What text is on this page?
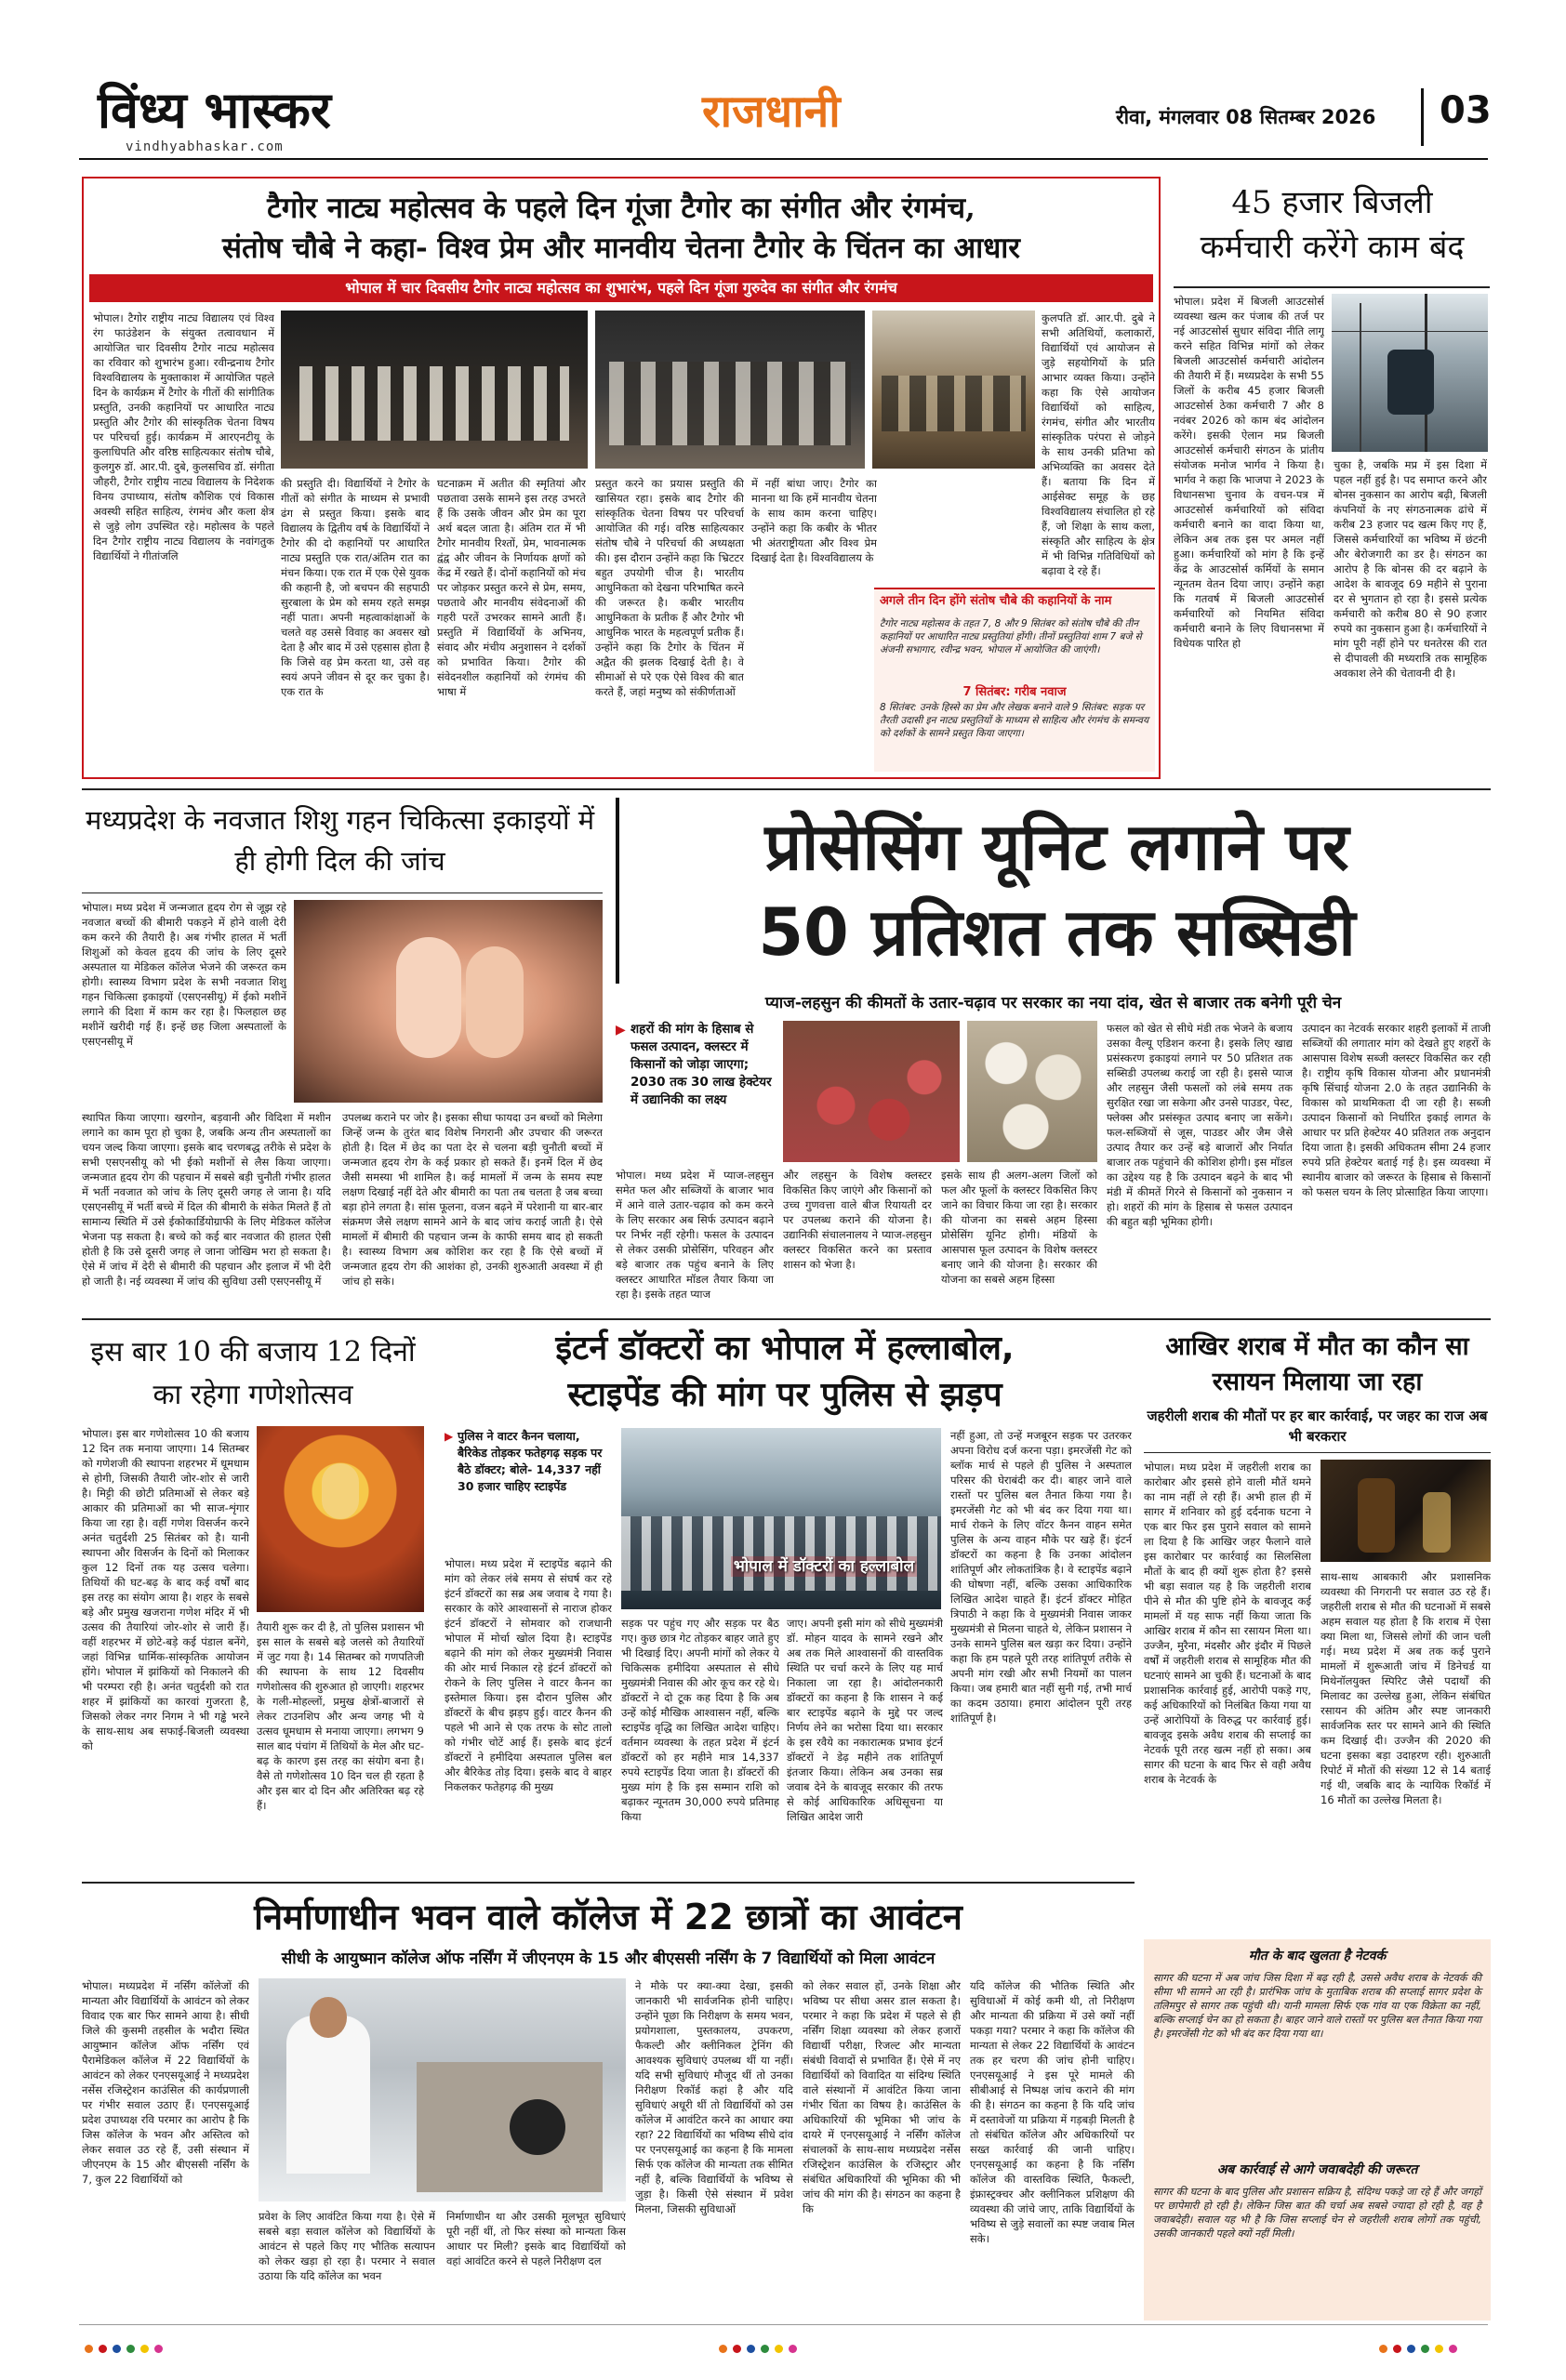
विंध्य भास्कर
vindhyabhaskar.com
राजधानी	रीवा, मंगलवार 08 सितम्बर 2026 03
टैगोर नाट्य महोत्सव के पहले दिन गूंजा टैगोर का संगीत और रंगमंच,
संतोष चौबे ने कहा- विश्व प्रेम और मानवीय चेतना टैगोर के चिंतन का आधार
भोपाल में चार दिवसीय टैगोर नाट्य महोत्सव का शुभारंभ, पहले दिन गूंजा गुरुदेव का संगीत और रंगमंच
भोपाल। टैगोर राष्ट्रीय नाट्य विद्यालय एवं विश्व रंग फाउंडेशन के संयुक्त तत्वावधान में आयोजित चार दिवसीय टैगोर नाट्य महोत्सव का रविवार को शुभारंभ हुआ। रवीन्द्रनाथ टैगोर विश्वविद्यालय के मुक्ताकाश में आयोजित पहले दिन के कार्यक्रम में टैगोर के गीतों की सांगीतिक प्रस्तुति, उनकी कहानियों पर आधारित नाट्य प्रस्तुति और टैगोर की सांस्कृतिक चेतना विषय पर परिचर्चा हुई। कार्यक्रम में आरएनटीयू के कुलाधिपति और वरिष्ठ साहित्यकार संतोष चौबे, कुलगुरु डॉ. आर.पी. दुबे, कुलसचिव डॉ. संगीता जौहरी, टैगोर राष्ट्रीय नाट्य विद्यालय के निदेशक विनय उपाध्याय, संतोष कौशिक एवं विकास अवस्थी सहित साहित्य, रंगमंच और कला क्षेत्र से जुड़े लोग उपस्थित रहे। महोत्सव के पहले दिन टैगोर राष्ट्रीय नाट्य विद्यालय के नवांगतुक विद्यार्थियों ने गीतांजलि
की प्रस्तुति दी। विद्यार्थियों ने टैगोर के गीतों को संगीत के माध्यम से प्रभावी ढंग से प्रस्तुत किया। इसके बाद विद्यालय के द्वितीय वर्ष के विद्यार्थियों ने टैगोर की दो कहानियों पर आधारित नाट्य प्रस्तुति एक रात/अंतिम रात का मंचन किया। एक रात में एक ऐसे युवक की कहानी है, जो बचपन की सहपाठी सुरबाला के प्रेम को समय रहते समझ नहीं पाता। अपनी महत्वाकांक्षाओं के चलते वह उससे विवाह का अवसर खो देता है और बाद में उसे एहसास होता है कि जिसे वह प्रेम करता था, उसे वह स्वयं अपने जीवन से दूर कर चुका है। एक रात के
घटनाक्रम में अतीत की स्मृतियां और पछतावा उसके सामने इस तरह उभरते हैं कि उसके जीवन और प्रेम का पूरा अर्थ बदल जाता है। अंतिम रात में भी टैगोर मानवीय रिश्तों, प्रेम, भावनात्मक द्वंद्व और जीवन के निर्णायक क्षणों को केंद्र में रखते हैं। दोनों कहानियों को मंच पर जोड़कर प्रस्तुत करने से प्रेम, समय, पछतावे और मानवीय संवेदनाओं की गहरी परतें उभरकर सामने आती हैं। प्रस्तुति में विद्यार्थियों के अभिनय, संवाद और मंचीय अनुशासन ने दर्शकों को प्रभावित किया। टैगोर की संवेदनशील कहानियों को रंगमंच की भाषा में
प्रस्तुत करने का प्रयास प्रस्तुति की खासियत रहा। इसके बाद टैगोर की सांस्कृतिक चेतना विषय पर परिचर्चा आयोजित की गई। वरिष्ठ साहित्यकार संतोष चौबे ने परिचर्चा की अध्यक्षता की। इस दौरान उन्होंने कहा कि भ्रिटटर बहुत उपयोगी चीज है। भारतीय आधुनिकता को देखना परिभाषित करने की जरूरत है। कबीर भारतीय आधुनिकता के प्रतीक हैं और टैगोर भी आधुनिक भारत के महत्वपूर्ण प्रतीक हैं। उन्होंने कहा कि टैगोर के चिंतन में अद्वैत की झलक दिखाई देती है। वे सीमाओं से परे एक ऐसे विश्व की बात करते हैं, जहां मनुष्य को संकीर्णताओं
में नहीं बांधा जाए। टैगोर का मानना था कि हमें मानवीय चेतना के साथ काम करना चाहिए। उन्होंने कहा कि कबीर के भीतर भी अंतराष्ट्रीयता और विश्व प्रेम दिखाई देता है। विश्वविद्यालय के
कुलपति डॉ. आर.पी. दुबे ने सभी अतिथियों, कलाकारों, विद्यार्थियों एवं आयोजन से जुड़े सहयोगियों के प्रति आभार व्यक्त किया। उन्होंने कहा कि ऐसे आयोजन विद्यार्थियों को साहित्य, रंगमंच, संगीत और भारतीय सांस्कृतिक परंपरा से जोड़ने के साथ उनकी प्रतिभा को अभिव्यक्ति का अवसर देते हैं। बताया कि दिन में आईसेक्ट समूह के छह विश्वविद्यालय संचालित हो रहे हैं, जो शिक्षा के साथ कला, संस्कृति और साहित्य के क्षेत्र में भी विभिन्न गतिविधियों को बढ़ावा दे रहे हैं।
अगले तीन दिन होंगे संतोष चौबे की कहानियों के नाम
टैगोर नाट्य महोत्सव के तहत 7, 8 और 9 सितंबर को संतोष चौबे की तीन कहानियों पर आधारित नाट्य प्रस्तुतियां होंगी। तीनों प्रस्तुतियां शाम 7 बजे से अंजनी सभागार, रवीन्द्र भवन, भोपाल में आयोजित की जाएंगी।
7 सितंबर: गरीब नवाज
8 सितंबर: उनके हिस्से का प्रेम और लेखक बनाने वाले 9 सितंबर: सड़क पर तैरती उदासी इन नाट्य प्रस्तुतियों के माध्यम से साहित्य और रंगमंच के समन्वय को दर्शकों के सामने प्रस्तुत किया जाएगा।
45 हजार बिजली कर्मचारी करेंगे काम बंद
भोपाल। प्रदेश में बिजली आउटसोर्स व्यवस्था खत्म कर पंजाब की तर्ज पर नई आउटसोर्स सुधार संविदा नीति लागू करने सहित विभिन्न मांगों को लेकर बिजली आउटसोर्स कर्मचारी आंदोलन की तैयारी में हैं। मध्यप्रदेश के सभी 55 जिलों के करीब 45 हजार बिजली आउटसोर्स ठेका कर्मचारी 7 और 8 नवंबर 2026 को काम बंद आंदोलन करेंगे। इसकी ऐलान मप्र बिजली आउटसोर्स कर्मचारी संगठन के प्रांतीय संयोजक मनोज भार्गव ने किया है। भार्गव ने कहा कि भाजपा ने 2023 के विधानसभा चुनाव के वचन-पत्र में आउटसोर्स कर्मचारियों को संविदा कर्मचारी बनाने का वादा किया था, लेकिन अब तक इस पर अमल नहीं हुआ। कर्मचारियों को मांग है कि इन्हें केंद्र के आउटसोर्स कर्मियों के समान न्यूनतम वेतन दिया जाए। उन्होंने कहा कि गतवर्ष में बिजली आउटसोर्स कर्मचारियों को नियमित संविदा कर्मचारी बनाने के लिए विधानसभा में विधेयक पारित हो
चुका है, जबकि मप्र में इस दिशा में पहल नहीं हुई है। पद समाप्त करने और बोनस नुकसान का आरोप बढ़ी, बिजली कंपनियों के नए संगठनात्मक ढांचे में करीब 23 हजार पद खत्म किए गए हैं, जिससे कर्मचारियों का भविष्य में छंटनी और बेरोजगारी का डर है। संगठन का आरोप है कि बोनस की दर बढ़ाने के आदेश के बावजूद 69 महीने से पुराना दर से भुगतान हो रहा है। इससे प्रत्येक कर्मचारी को करीब 80 से 90 हजार रुपये का नुकसान हुआ है। कर्मचारियों ने मांग पूरी नहीं होने पर धनतेरस की रात से दीपावली की मध्यरात्रि तक सामूहिक अवकाश लेने की चेतावनी दी है।
मध्यप्रदेश के नवजात शिशु गहन चिकित्सा इकाइयों में ही होगी दिल की जांच
भोपाल। मध्य प्रदेश में जन्मजात हृदय रोग से जूझ रहे नवजात बच्चों की बीमारी पकड़ने में होने वाली देरी कम करने की तैयारी है। अब गंभीर हालत में भर्ती शिशुओं को केवल हृदय की जांच के लिए दूसरे अस्पताल या मेडिकल कॉलेज भेजने की जरूरत कम होगी। स्वास्थ्य विभाग प्रदेश के सभी नवजात शिशु गहन चिकित्सा इकाइयों (एसएनसीयू) में ईको मशीनें लगाने की दिशा में काम कर रहा है। फिलहाल छह मशीनें खरीदी गई हैं। इन्हें छह जिला अस्पतालों के एसएनसीयू में
स्थापित किया जाएगा। खरगोन, बड़वानी और विदिशा में मशीन लगाने का काम पूरा हो चुका है, जबकि अन्य तीन अस्पतालों का चयन जल्द किया जाएगा। इसके बाद चरणबद्ध तरीके से प्रदेश के सभी एसएनसीयू को भी ईको मशीनों से लैस किया जाएगा। जन्मजात हृदय रोग की पहचान में सबसे बड़ी चुनौती गंभीर हालत में भर्ती नवजात को जांच के लिए दूसरी जगह ले जाना है। यदि एसएनसीयू में भर्ती बच्चे में दिल की बीमारी के संकेत मिलते हैं तो सामान्य स्थिति में उसे ईकोकार्डियोग्राफी के लिए मेडिकल कॉलेज भेजना पड़ सकता है। बच्चे को कई बार नवजात की हालत ऐसी होती है कि उसे दूसरी जगह ले जाना जोखिम भरा हो सकता है। ऐसे में जांच में देरी से बीमारी की पहचान और इलाज में भी देरी हो जाती है। नई व्यवस्था में जांच की सुविधा उसी एसएनसीयू में
उपलब्ध कराने पर जोर है। इसका सीधा फायदा उन बच्चों को मिलेगा जिन्हें जन्म के तुरंत बाद विशेष निगरानी और उपचार की जरूरत होती है। दिल में छेद का पता देर से चलना बड़ी चुनौती बच्चों में जन्मजात हृदय रोग के कई प्रकार हो सकते हैं। इनमें दिल में छेद जैसी समस्या भी शामिल है। कई मामलों में जन्म के समय स्पष्ट लक्षण दिखाई नहीं देते और बीमारी का पता तब चलता है जब बच्चा बड़ा होने लगता है। सांस फूलना, वजन बढ़ने में परेशानी या बार-बार संक्रमण जैसे लक्षण सामने आने के बाद जांच कराई जाती है। ऐसे मामलों में बीमारी की पहचान जन्म के काफी समय बाद हो सकती है। स्वास्थ्य विभाग अब कोशिश कर रहा है कि ऐसे बच्चों में जन्मजात हृदय रोग की आशंका हो, उनकी शुरुआती अवस्था में ही जांच हो सके।
प्रोसेसिंग यूनिट लगाने पर
50 प्रतिशत तक सब्सिडी
प्याज-लहसुन की कीमतों के उतार-चढ़ाव पर सरकार का नया दांव, खेत से बाजार तक बनेगी पूरी चेन
▶ शहरों की मांग के हिसाब से फसल उत्पादन, क्लस्टर में किसानों को जोड़ा जाएगा; 2030 तक 30 लाख हेक्टेयर में उद्यानिकी का लक्ष्य
भोपाल। मध्य प्रदेश में प्याज-लहसुन समेत फल और सब्जियों के बाजार भाव में आने वाले उतार-चढ़ाव को कम करने के लिए सरकार अब सिर्फ उत्पादन बढ़ाने पर निर्भर नहीं रहेगी। फसल के उत्पादन से लेकर उसकी प्रोसेसिंग, परिवहन और बड़े बाजार तक पहुंच बनाने के लिए क्लस्टर आधारित मॉडल तैयार किया जा रहा है। इसके तहत प्याज
और लहसुन के विशेष क्लस्टर विकसित किए जाएंगे और किसानों को उच्च गुणवत्ता वाले बीज रियायती दर पर उपलब्ध कराने की योजना है। उद्यानिकी संचालनालय ने प्याज-लहसुन क्लस्टर विकसित करने का प्रस्ताव शासन को भेजा है।
इसके साथ ही अलग-अलग जिलों को फल और फूलों के क्लस्टर विकसित किए जाने का विचार किया जा रहा है। सरकार की योजना का सबसे अहम हिस्सा प्रोसेसिंग यूनिट होगी। मंडियों के आसपास फूल उत्पादन के विशेष क्लस्टर बनाए जाने की योजना है। सरकार की योजना का सबसे अहम हिस्सा
फसल को खेत से सीधे मंडी तक भेजने के बजाय उसका वैल्यू एडिशन करना है। इसके लिए खाद्य प्रसंस्करण इकाइयां लगाने पर 50 प्रतिशत तक सब्सिडी उपलब्ध कराई जा रही है। इससे प्याज और लहसुन जैसी फसलों को लंबे समय तक सुरक्षित रखा जा सकेगा और उनसे पाउडर, पेस्ट, फ्लेक्स और प्रसंस्कृत उत्पाद बनाए जा सकेंगे। फल-सब्जियों से जूस, पाउडर और जैम जैसे उत्पाद तैयार कर उन्हें बड़े बाजारों और निर्यात बाजार तक पहुंचाने की कोशिश होगी। इस मॉडल का उद्देश्य यह है कि उत्पादन बढ़ने के बाद भी मंडी में कीमतें गिरने से किसानों को नुकसान न हो। शहरों की मांग के हिसाब से फसल उत्पादन की बहुत बड़ी भूमिका होगी।
उत्पादन का नेटवर्क सरकार शहरी इलाकों में ताजी सब्जियों की लगातार मांग को देखते हुए शहरों के आसपास विशेष सब्जी क्लस्टर विकसित कर रही है। राष्ट्रीय कृषि विकास योजना और प्रधानमंत्री कृषि सिंचाई योजना 2.0 के तहत उद्यानिकी के विकास को प्राथमिकता दी जा रही है। सब्जी उत्पादन किसानों को निर्धारित इकाई लागत के आधार पर प्रति हेक्टेयर 40 प्रतिशत तक अनुदान दिया जाता है। इसकी अधिकतम सीमा 24 हजार रुपये प्रति हेक्टेयर बताई गई है। इस व्यवस्था में स्थानीय बाजार को जरूरत के हिसाब से किसानों को फसल चयन के लिए प्रोत्साहित किया जाएगा।
इस बार 10 की बजाय 12 दिनों का रहेगा गणेशोत्सव
भोपाल। इस बार गणेशोत्सव 10 की बजाय 12 दिन तक मनाया जाएगा। 14 सितम्बर को गणेशजी की स्थापना शहरभर में धूमधाम से होगी, जिसकी तैयारी जोर-शोर से जारी है। मिट्टी की छोटी प्रतिमाओं से लेकर बड़े आकार की प्रतिमाओं का भी साज-शृंगार किया जा रहा है। वहीं गणेश विसर्जन करने अनंत चतुर्दशी 25 सितंबर को है। यानी स्थापना और विसर्जन के दिनों को मिलाकर कुल 12 दिनों तक यह उत्सव चलेगा। तिथियों की घट-बढ़ के बाद कई वर्षों बाद इस तरह का संयोग आया है। शहर के सबसे बड़े और प्रमुख खजराना गणेश मंदिर में भी उत्सव की तैयारियां जोर-शोर से जारी हैं। वहीं शहरभर में छोटे-बड़े कई पंडाल बनेंगे, जहां विभिन्न धार्मिक-सांस्कृतिक आयोजन होंगे। भोपाल में झांकियों को निकालने की भी परम्परा रही है। अनंत चतुर्दशी को रात शहर में झांकियों का कारवां गुजरता है, जिसको लेकर नगर निगम ने भी गड्ढे भरने के साथ-साथ अब सफाई-बिजली व्यवस्था को
तैयारी शुरू कर दी है, तो पुलिस प्रशासन भी इस साल के सबसे बड़े जलसे को तैयारियों में जुट गया है। 14 सितम्बर को गणपतिजी की स्थापना के साथ 12 दिवसीय गणेशोत्सव की शुरुआत हो जाएगी। शहरभर के गली-मोहल्लों, प्रमुख क्षेत्रों-बाजारों से लेकर टाउनशिप और अन्य जगह भी ये उत्सव धूमधाम से मनाया जाएगा। लगभग 9 साल बाद पंचांग में तिथियों के मेल और घट-बढ़ के कारण इस तरह का संयोग बना है। वैसे तो गणेशोत्सव 10 दिन चल ही रहता है और इस बार दो दिन और अतिरिक्त बढ़ रहे हैं।
इंटर्न डॉक्टरों का भोपाल में हल्लाबोल,
स्टाइपेंड की मांग पर पुलिस से झड़प
▶ पुलिस ने वाटर कैनन चलाया, बैरिकेड तोड़कर फतेहगढ़ सड़क पर बैठे डॉक्टर; बोले- 14,337 नहीं 30 हजार चाहिए स्टाइपेंड
भोपाल में डॉक्टरों का हल्लाबोल
भोपाल। मध्य प्रदेश में स्टाइपेंड बढ़ाने की मांग को लेकर लंबे समय से संघर्ष कर रहे इंटर्न डॉक्टरों का सब्र अब जवाब दे गया है। सरकार के कोरे आश्वासनों से नाराज होकर इंटर्न डॉक्टरों ने सोमवार को राजधानी भोपाल में मोर्चा खोल दिया है। स्टाइपेंड बढ़ाने की मांग को लेकर मुख्यमंत्री निवास की ओर मार्च निकाल रहे इंटर्न डॉक्टरों को रोकने के लिए पुलिस ने वाटर कैनन का इस्तेमाल किया। इस दौरान पुलिस और डॉक्टरों के बीच झड़प हुई। वाटर कैनन की पहले भी आने से एक तरफ के सोट तालो को गंभीर चोटें आई हैं। इसके बाद इंटर्न डॉक्टरों ने हमीदिया अस्पताल पुलिस बल और बैरिकेड तोड़ दिया। इसके बाद वे बाहर निकलकर फतेहगढ़ की मुख्य
सड़क पर पहुंच गए और सड़क पर बैठ गए। कुछ छात्र गेट तोड़कर बाहर जाते हुए भी दिखाई दिए। अपनी मांगों को लेकर ये चिकित्सक हमीदिया अस्पताल से सीधे मुख्यमंत्री निवास की ओर कूच कर रहे थे। डॉक्टरों ने दो टूक कह दिया है कि अब उन्हें कोई मौखिक आश्वासन नहीं, बल्कि स्टाइपेंड वृद्धि का लिखित आदेश चाहिए। वर्तमान व्यवस्था के तहत प्रदेश में इंटर्न डॉक्टरों को हर महीने मात्र 14,337 रुपये स्टाइपेंड दिया जाता है। डॉक्टरों की मुख्य मांग है कि इस सम्मान राशि को बढ़ाकर न्यूनतम 30,000 रुपये प्रतिमाह किया
जाए। अपनी इसी मांग को सीधे मुख्यमंत्री डॉ. मोहन यादव के सामने रखने और अब तक मिले आश्वासनों की वास्तविक स्थिति पर चर्चा करने के लिए यह मार्च निकाला जा रहा है। आंदोलनकारी डॉक्टरों का कहना है कि शासन ने कई बार स्टाइपेंड बढ़ाने के मुद्दे पर जल्द निर्णय लेने का भरोसा दिया था। सरकार के इस रवैये का नकारात्मक प्रभाव इंटर्न डॉक्टरों ने डेढ़ महीने तक शांतिपूर्ण इंतजार किया। लेकिन अब उनका सब्र जवाब देने के बावजूद सरकार की तरफ से कोई आधिकारिक अधिसूचना या लिखित आदेश जारी
नहीं हुआ, तो उन्हें मजबूरन सड़क पर उतरकर अपना विरोध दर्ज करना पड़ा। इमरजेंसी गेट को ब्लॉक मार्च से पहले ही पुलिस ने अस्पताल परिसर की घेराबंदी कर दी। बाहर जाने वाले रास्तों पर पुलिस बल तैनात किया गया है। इमरजेंसी गेट को भी बंद कर दिया गया था। मार्च रोकने के लिए वॉटर कैनन वाहन समेत पुलिस के अन्य वाहन मौके पर खड़े हैं। इंटर्न डॉक्टरों का कहना है कि उनका आंदोलन शांतिपूर्ण और लोकतांत्रिक है। वे स्टाइपेंड बढ़ाने की घोषणा नहीं, बल्कि उसका आधिकारिक लिखित आदेश चाहते हैं। इंटर्न डॉक्टर मोहित त्रिपाठी ने कहा कि वे मुख्यमंत्री निवास जाकर मुख्यमंत्री से मिलना चाहते थे, लेकिन प्रशासन ने उनके सामने पुलिस बल खड़ा कर दिया। उन्होंने कहा कि हम पहले पूरी तरह शांतिपूर्ण तरीके से अपनी मांग रखी और सभी नियमों का पालन किया। जब हमारी बात नहीं सुनी गई, तभी मार्च का कदम उठाया। हमारा आंदोलन पूरी तरह शांतिपूर्ण है।
आखिर शराब में मौत का कौन सा रसायन मिलाया जा रहा
जहरीली शराब की मौतों पर हर बार कार्रवाई, पर जहर का राज अब भी बरकरार
भोपाल। मध्य प्रदेश में जहरीली शराब का कारोबार और इससे होने वाली मौतें थमने का नाम नहीं ले रही हैं। अभी हाल ही में सागर में शनिवार को हुई दर्दनाक घटना ने एक बार फिर इस पुराने सवाल को सामने ला दिया है कि आखिर जहर फैलाने वाले इस कारोबार पर कार्रवाई का सिलसिला मौतों के बाद ही क्यों शुरू होता है? इससे भी बड़ा सवाल यह है कि जहरीली शराब पीने से मौत की पुष्टि होने के बावजूद कई मामलों में यह साफ नहीं किया जाता कि आखिर शराब में कौन सा रसायन मिला था। उज्जैन, मुरैना, मंदसौर और इंदौर में पिछले वर्षों में जहरीली शराब से सामूहिक मौत की घटनाएं सामने आ चुकी हैं। घटनाओं के बाद प्रशासनिक कार्रवाई हुई, आरोपी पकड़े गए, कई अधिकारियों को निलंबित किया गया या उन्हें आरोपियों के विरुद्ध पर कार्रवाई हुई। बावजूद इसके अवैध शराब की सप्लाई का नेटवर्क पूरी तरह खत्म नहीं हो सका। अब सागर की घटना के बाद फिर से वही अवैध शराब के नेटवर्क के
साथ-साथ आबकारी और प्रशासनिक व्यवस्था की निगरानी पर सवाल उठ रहे हैं। जहरीली शराब से मौत की घटनाओं में सबसे अहम सवाल यह होता है कि शराब में ऐसा क्या मिला था, जिससे लोगों की जान चली गई। मध्य प्रदेश में अब तक कई पुराने मामलों में शुरूआती जांच में डिनेचर्ड या मिथेनॉलयुक्त स्पिरिट जैसे पदार्थों की मिलावट का उल्लेख हुआ, लेकिन संबंधित रसायन की अंतिम और स्पष्ट जानकारी सार्वजनिक स्तर पर सामने आने की स्थिति कम दिखाई दी। उज्जैन की 2020 की घटना इसका बड़ा उदाहरण रही। शुरुआती रिपोर्ट में मौतों की संख्या 12 से 14 बताई गई थी, जबकि बाद के न्यायिक रिकॉर्ड में 16 मौतों का उल्लेख मिलता है।
मौत के बाद खुलता है नेटवर्क
सागर की घटना में अब जांच जिस दिशा में बढ़ रही है, उससे अवैध शराब के नेटवर्क की सीमा भी सामने आ रही है। प्रारंभिक जांच के मुताबिक शराब की सप्लाई सागर प्रदेश के तलिमपुर से सागर तक पहुंची थी। यानी मामला सिर्फ एक गांव या एक विक्रेता का नहीं, बल्कि सप्लाई चेन का हो सकता है। बाहर जाने वाले रास्तों पर पुलिस बल तैनात किया गया है। इमरजेंसी गेट को भी बंद कर दिया गया था।
अब कार्रवाई से आगे जवाबदेही की जरूरत
सागर की घटना के बाद पुलिस और प्रशासन सक्रिय है, संदिग्ध पकड़े जा रहे हैं और जगहों पर छापेमारी हो रही है। लेकिन जिस बात की चर्चा अब सबसे ज्यादा हो रही है, वह है जवाबदेही। सवाल यह भी है कि जिस सप्लाई चेन से जहरीली शराब लोगों तक पहुंची, उसकी जानकारी पहले क्यों नहीं मिली।
निर्माणाधीन भवन वाले कॉलेज में 22 छात्रों का आवंटन
सीधी के आयुष्मान कॉलेज ऑफ नर्सिंग में जीएनएम के 15 और बीएससी नर्सिंग के 7 विद्यार्थियों को मिला आवंटन
भोपाल। मध्यप्रदेश में नर्सिंग कॉलेजों की मान्यता और विद्यार्थियों के आवंटन को लेकर विवाद एक बार फिर सामने आया है। सीधी जिले की कुसमी तहसील के भदौरा स्थित आयुष्मान कॉलेज ऑफ नर्सिंग एवं पैरामेडिकल कॉलेज में 22 विद्यार्थियों के आवंटन को लेकर एनएसयूआई ने मध्यप्रदेश नर्सेस रजिस्ट्रेशन काउंसिल की कार्यप्रणाली पर गंभीर सवाल उठाए हैं। एनएसयूआई प्रदेश उपाध्यक्ष रवि परमार का आरोप है कि जिस कॉलेज के भवन और अस्तित्व को लेकर सवाल उठ रहे हैं, उसी संस्थान में जीएनएम के 15 और बीएससी नर्सिंग के 7, कुल 22 विद्यार्थियों को
प्रवेश के लिए आवंटित किया गया है। ऐसे में सबसे बड़ा सवाल कॉलेज को विद्यार्थियों के आवंटन से पहले किए गए भौतिक सत्यापन को लेकर खड़ा हो रहा है। परमार ने सवाल उठाया कि यदि कॉलेज का भवन
निर्माणाधीन था और उसकी मूलभूत सुविधाएं पूरी नहीं थीं, तो फिर संस्था को मान्यता किस आधार पर मिली? इसके बाद विद्यार्थियों को वहां आवंटित करने से पहले निरीक्षण दल
ने मौके पर क्या-क्या देखा, इसकी जानकारी भी सार्वजनिक होनी चाहिए। उन्होंने पूछा कि निरीक्षण के समय भवन, प्रयोगशाला, पुस्तकालय, उपकरण, फैकल्टी और क्लीनिकल ट्रेनिंग की आवश्यक सुविधाएं उपलब्ध थीं या नहीं। यदि सभी सुविधाएं मौजूद थीं तो उनका निरीक्षण रिकॉर्ड कहां है और यदि सुविधाएं अधूरी थीं तो विद्यार्थियों को उस कॉलेज में आवंटित करने का आधार क्या रहा? 22 विद्यार्थियों का भविष्य सीधे दांव पर एनएसयूआई का कहना है कि मामला सिर्फ एक कॉलेज की मान्यता तक सीमित नहीं है, बल्कि विद्यार्थियों के भविष्य से जुड़ा है। किसी ऐसे संस्थान में प्रवेश मिलना, जिसकी सुविधाओं
को लेकर सवाल हों, उनके शिक्षा और भविष्य पर सीधा असर डाल सकता है। परमार ने कहा कि प्रदेश में पहले से ही नर्सिंग शिक्षा व्यवस्था को लेकर हजारों विद्यार्थी परीक्षा, रिजल्ट और मान्यता संबंधी विवादों से प्रभावित हैं। ऐसे में नए विद्यार्थियों को विवादित या संदिग्ध स्थिति वाले संस्थानों में आवंटित किया जाना गंभीर चिंता का विषय है। काउंसिल के अधिकारियों की भूमिका भी जांच के दायरे में एनएसयूआई ने नर्सिंग कॉलेज संचालकों के साथ-साथ मध्यप्रदेश नर्सेस रजिस्ट्रेशन काउंसिल के रजिस्ट्रार और संबंधित अधिकारियों की भूमिका की भी जांच की मांग की है। संगठन का कहना है कि
यदि कॉलेज की भौतिक स्थिति और सुविधाओं में कोई कमी थी, तो निरीक्षण और मान्यता की प्रक्रिया में उसे क्यों नहीं पकड़ा गया? परमार ने कहा कि कॉलेज की मान्यता से लेकर 22 विद्यार्थियों के आवंटन तक हर चरण की जांच होनी चाहिए। एनएसयूआई ने इस पूरे मामले की सीबीआई से निष्पक्ष जांच कराने की मांग की है। संगठन का कहना है कि यदि जांच में दस्तावेजों या प्रक्रिया में गड़बड़ी मिलती है तो संबंधित कॉलेज और अधिकारियों पर सख्त कार्रवाई की जानी चाहिए। एनएसयूआई का कहना है कि नर्सिंग कॉलेज की वास्तविक स्थिति, फैकल्टी, इंफ्रास्ट्रक्चर और क्लीनिकल प्रशिक्षण की व्यवस्था की जांचे जाए, ताकि विद्यार्थियों के भविष्य से जुड़े सवालों का स्पष्ट जवाब मिल सके।
